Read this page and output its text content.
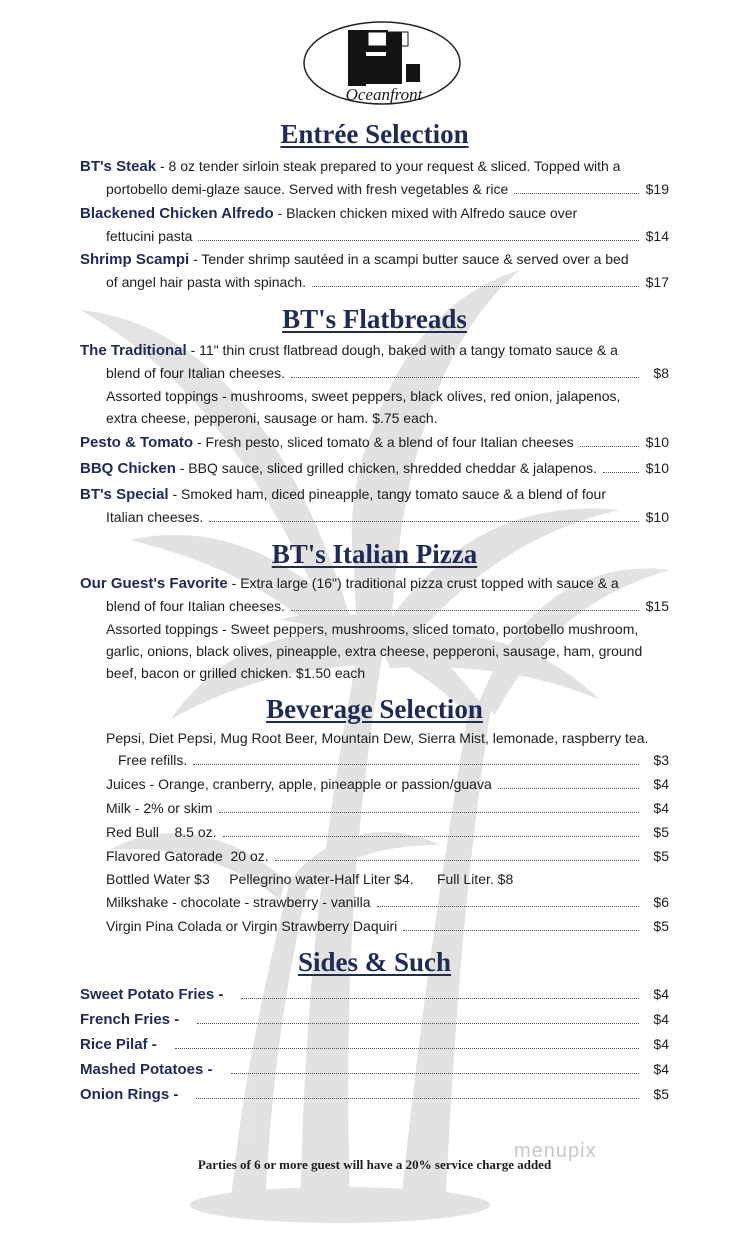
Oceanfront
Entrée Selection
BT's Steak - 8 oz tender sirloin steak prepared to your request & sliced. Topped with a
portobello demi-glaze sauce. Served with fresh vegetables & rice	$19
Blackened Chicken Alfredo - Blacken chicken mixed with Alfredo sauce over
fettucini pasta	$14
Shrimp Scampi - Tender shrimp sautéed in a scampi butter sauce & served over a bed
of angel hair pasta with spinach.	$17
BT's Flatbreads
The Traditional - 11" thin crust flatbread dough, baked with a tangy tomato sauce & a
blend of four Italian cheeses.	$8
Assorted toppings - mushrooms, sweet peppers, black olives, red onion, jalapenos,
extra cheese, pepperoni, sausage or ham. $.75 each.
Pesto & Tomato - Fresh pesto, sliced tomato & a blend of four Italian cheeses	$10
BBQ Chicken - BBQ sauce, sliced grilled chicken, shredded cheddar & jalapenos.	$10
BT's Special - Smoked ham, diced pineapple, tangy tomato sauce & a blend of four
Italian cheeses.	$10
BT's Italian Pizza
Our Guest's Favorite - Extra large (16") traditional pizza crust topped with sauce & a
blend of four Italian cheeses.	$15
Assorted toppings - Sweet peppers, mushrooms, sliced tomato, portobello mushroom,
garlic, onions, black olives, pineapple, extra cheese, pepperoni, sausage, ham, ground
beef, bacon or grilled chicken. $1.50 each
Beverage Selection
Pepsi, Diet Pepsi, Mug Root Beer, Mountain Dew, Sierra Mist, lemonade, raspberry tea.
Free refills.	$3
Juices - Orange, cranberry, apple, pineapple or passion/guava	$4
Milk - 2% or skim	$4
Red Bull    8.5 oz.	$5
Flavored Gatorade  20 oz.	$5
Bottled Water $3     Pellegrino water-Half Liter $4.      Full Liter. $8
Milkshake - chocolate - strawberry - vanilla	$6
Virgin Pina Colada or Virgin Strawberry Daquiri	$5
Sides & Such
Sweet Potato Fries -	$4
French Fries -	$4
Rice Pilaf -	$4
Mashed Potatoes -	$4
Onion Rings -	$5
menupix
Parties of 6 or more guest will have a 20% service charge added
